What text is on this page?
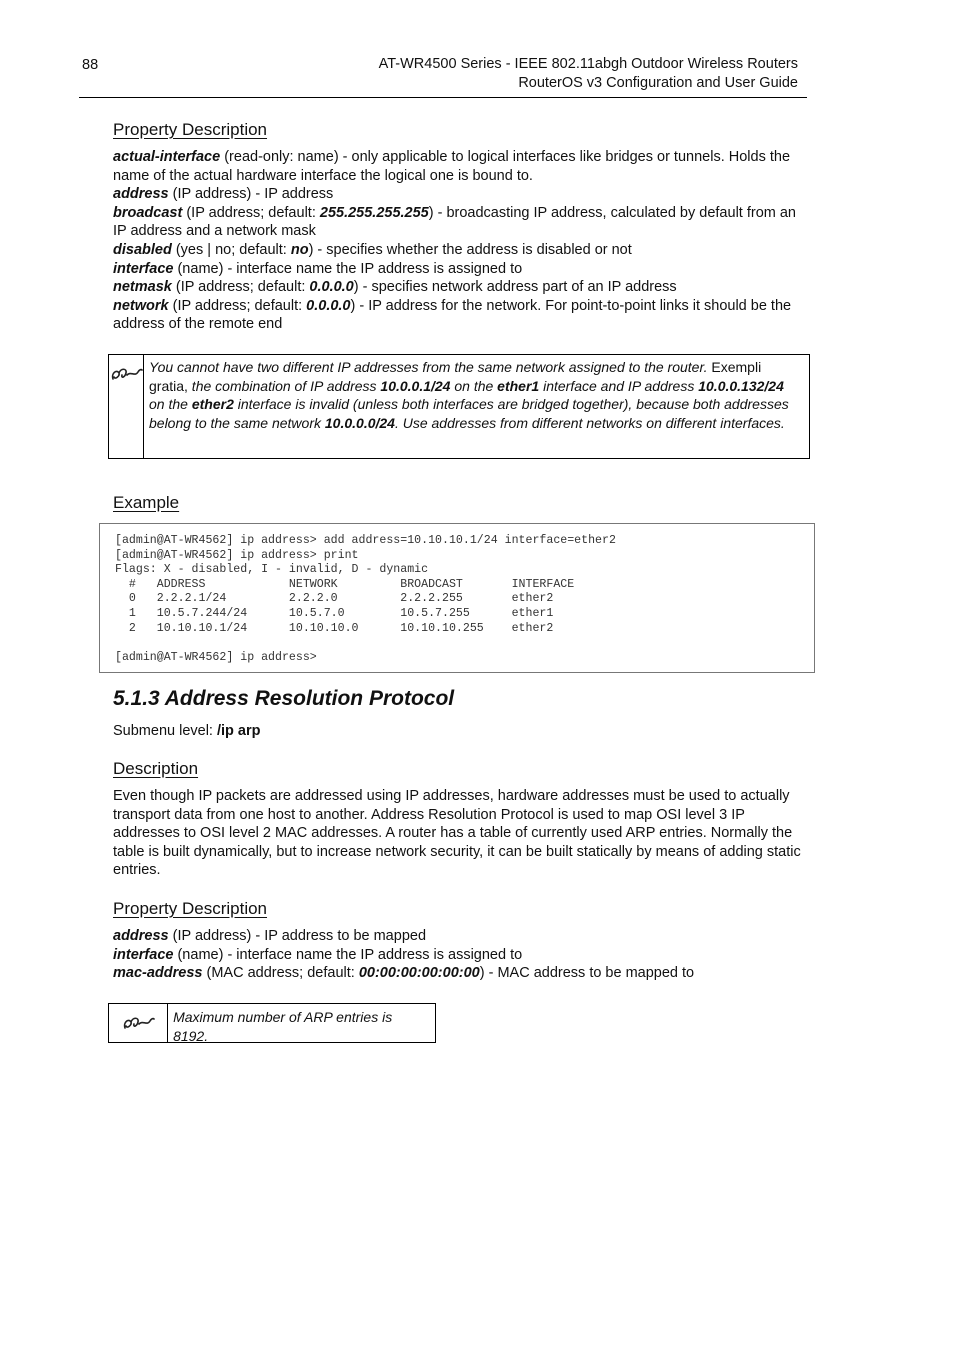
88	AT-WR4500 Series - IEEE 802.11abgh Outdoor Wireless Routers
RouterOS v3 Configuration and User Guide
Property Description
actual-interface (read-only: name) - only applicable to logical interfaces like bridges or tunnels. Holds the name of the actual hardware interface the logical one is bound to.
address (IP address) - IP address
broadcast (IP address; default: 255.255.255.255) - broadcasting IP address, calculated by default from an IP address and a network mask
disabled (yes | no; default: no) - specifies whether the address is disabled or not
interface (name) - interface name the IP address is assigned to
netmask (IP address; default: 0.0.0.0) - specifies network address part of an IP address
network (IP address; default: 0.0.0.0) - IP address for the network. For point-to-point links it should be the address of the remote end
You cannot have two different IP addresses from the same network assigned to the router. Exempli gratia, the combination of IP address 10.0.0.1/24 on the ether1 interface and IP address 10.0.0.132/24 on the ether2 interface is invalid (unless both interfaces are bridged together), because both addresses belong to the same network 10.0.0.0/24. Use addresses from different networks on different interfaces.
Example
[admin@AT-WR4562] ip address> add address=10.10.10.1/24 interface=ether2
[admin@AT-WR4562] ip address> print
Flags: X - disabled, I - invalid, D - dynamic
#   ADDRESS            NETWORK         BROADCAST       INTERFACE
0   2.2.2.1/24         2.2.2.0         2.2.2.255       ether2
1   10.5.7.244/24      10.5.7.0        10.5.7.255      ether1
2   10.10.10.1/24      10.10.10.0      10.10.10.255    ether2

[admin@AT-WR4562] ip address>
5.1.3 Address Resolution Protocol
Submenu level: /ip arp
Description
Even though IP packets are addressed using IP addresses, hardware addresses must be used to actually transport data from one host to another. Address Resolution Protocol is used to map OSI level 3 IP addresses to OSI level 2 MAC addresses. A router has a table of currently used ARP entries. Normally the table is built dynamically, but to increase network security, it can be built statically by means of adding static entries.
Property Description
address (IP address) - IP address to be mapped
interface (name) - interface name the IP address is assigned to
mac-address (MAC address; default: 00:00:00:00:00:00) - MAC address to be mapped to
Maximum number of ARP entries is 8192.
